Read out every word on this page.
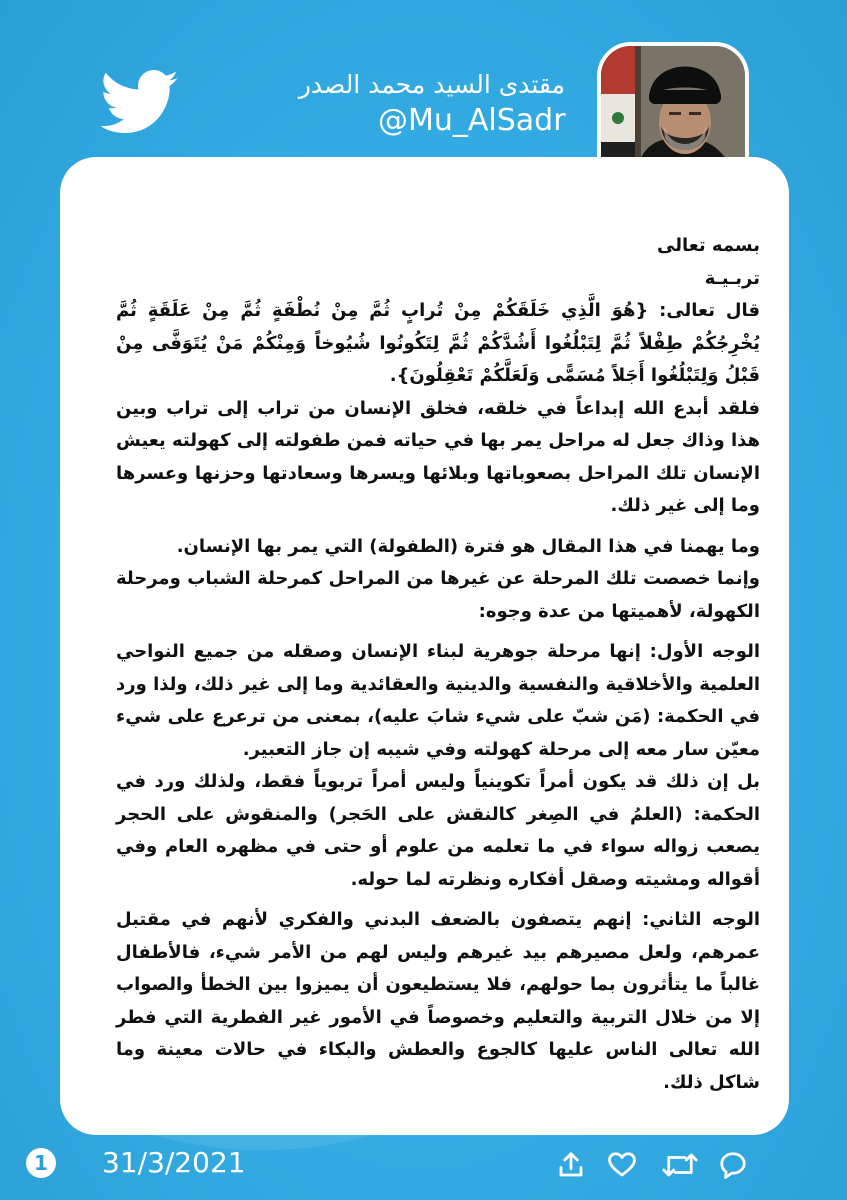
مقتدى السيد محمد الصدر
@Mu_AlSadr

بسمه تعالى

تربـيـة

قال تعالى: {هُوَ الَّذِي خَلَقَكُمْ مِنْ تُرابٍ ثُمَّ مِنْ نُطْفَةٍ ثُمَّ مِنْ عَلَقَةٍ ثُمَّ يُخْرِجُكُمْ طِفْلاً ثُمَّ لِتَبْلُغُوا أَشُدَّكُمْ ثُمَّ لِتَكُونُوا شُيُوخاً وَمِنْكُمْ مَنْ يُتَوَفَّى مِنْ قَبْلُ وَلِتَبْلُغُوا أَجَلاً مُسَمًّى وَلَعَلَّكُمْ تَعْقِلُونَ}.

فلقد أبدع الله إبداعاً في خلقه، فخلق الإنسان من تراب إلى تراب وبين هذا وذاك جعل له مراحل يمر بها في حياته فمن طفولته إلى كهولته يعيش الإنسان تلك المراحل بصعوباتها وبلائها ويسرها وسعادتها وحزنها وعسرها وما إلى غير ذلك.

وما يهمنا في هذا المقال هو فترة (الطفولة) التي يمر بها الإنسان.

وإنما خصصت تلك المرحلة عن غيرها من المراحل كمرحلة الشباب ومرحلة الكهولة، لأهميتها من عدة وجوه:

الوجه الأول: إنها مرحلة جوهرية لبناء الإنسان وصقله من جميع النواحي العلمية والأخلاقية والنفسية والدينية والعقائدية وما إلى غير ذلك، ولذا ورد في الحكمة: (مَن شبّ على شيء شابَ عليه)، بمعنى من ترعرع على شيء معيّن سار معه إلى مرحلة كهولته وفي شيبه إن جاز التعبير.

بل إن ذلك قد يكون أمراً تكوينياً وليس أمراً تربوياً فقط، ولذلك ورد في الحكمة: (العلمُ في الصِغر كالنقش على الحَجر) والمنقوش على الحجر يصعب زواله سواء في ما تعلمه من علوم أو حتى في مظهره العام وفي أقواله ومشيته وصقل أفكاره ونظرته لما حوله.

الوجه الثاني: إنهم يتصفون بالضعف البدني والفكري لأنهم في مقتبل عمرهم، ولعل مصيرهم بيد غيرهم وليس لهم من الأمر شيء، فالأطفال غالباً ما يتأثرون بما حولهم، فلا يستطيعون أن يميزوا بين الخطأ والصواب إلا من خلال التربية والتعليم وخصوصاً في الأمور غير الفطرية التي فطر الله تعالى الناس عليها كالجوع والعطش والبكاء في حالات معينة وما شاكل ذلك.

1 31/3/2021
